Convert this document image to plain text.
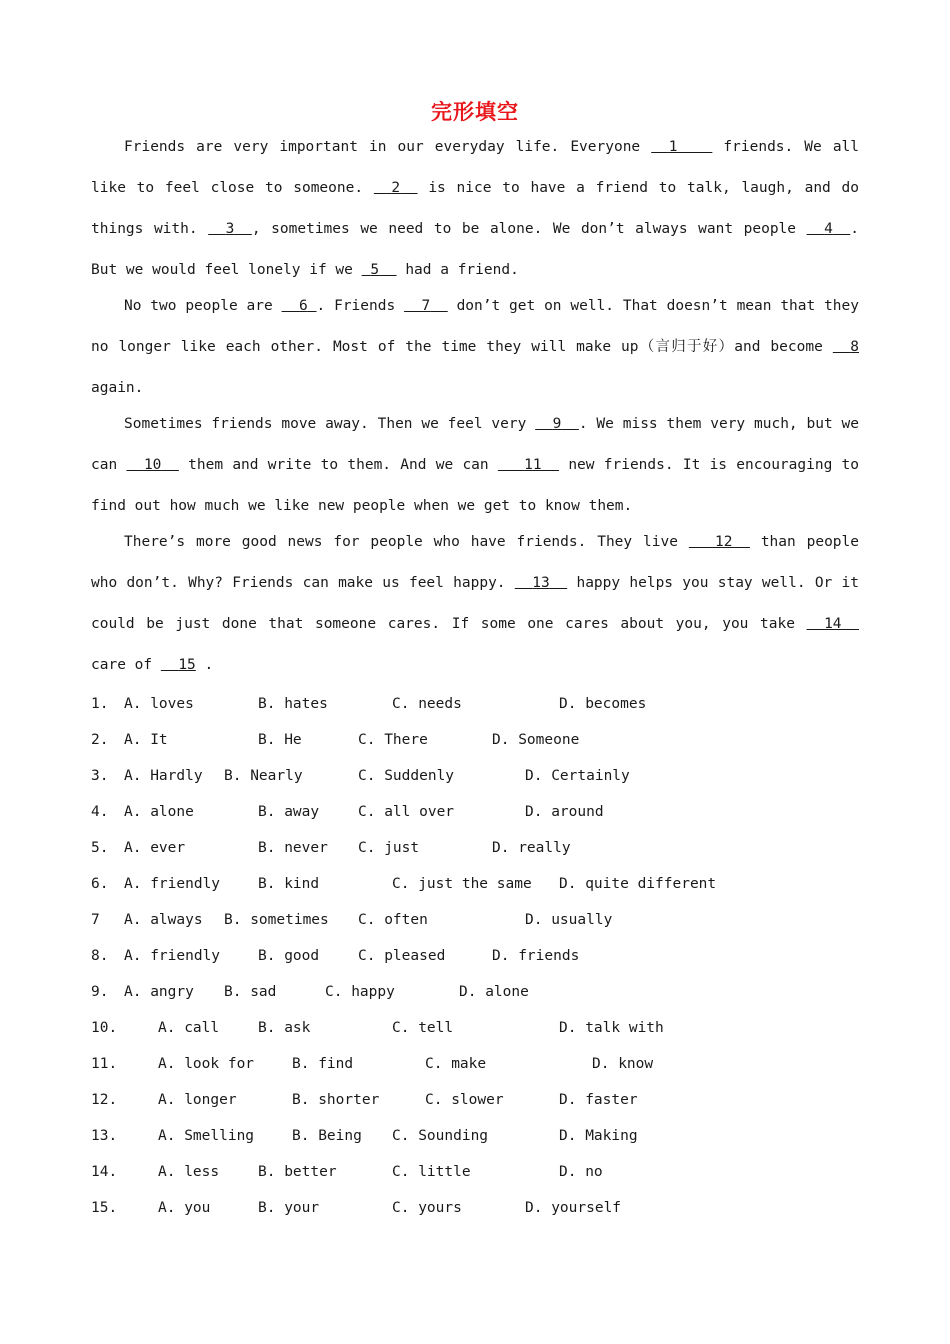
完形填空

Friends are very important in our everyday life. Everyone 1	friends. We all like to feel close to someone. 2 is nice to have a friend to talk, laugh, and do things with. 3 , sometimes we need to be alone. We don’t always want people 4 . But we would feel lonely if we 5 had a friend.

No two people are 6 . Friends 7 don’t get on well. That doesn’t mean that they no longer like each other. Most of the time they will make up（言归于好）and become 8 again.

Sometimes friends move away. Then we feel very 9 . We miss them very much, but we can 10 them and write to them. And we can 11 new friends. It is encouraging to find out how much we like new people when we get to know them.

There’s more good news for people who have friends. They live	12 than people who don’t. Why? Friends can make us feel happy. 13 happy helps you stay well. Or it could be just done that someone cares. If some one cares about you, you take 14   care of 15 .

1. A. loves	B. hates	C. needs	D. becomes
2. A. It	B. He	C. There	D. Someone
3. A. Hardly B. Nearly	C. Suddenly	D. Certainly
4. A. alone	B. away	C. all over	D. around
5. A. ever	B. never C. just	D. really
6. A. friendly	B. kind	C. just the same D. quite different
7 A. always B. sometimes C. often	D. usually
8. A. friendly	B. good	C. pleased	D. friends
9. A. angry B. sad	C. happy	D. alone
10.	A. call	B. ask	C. tell	D. talk with
11.	A. look for	B. find	C. make	D. know
12.	A. longer	B. shorter	C. slower	D. faster
13.	A. Smelling	B. Being C. Sounding	D. Making
14.	A. less	B. better	C. little	D. no
15.	A. you	B. your	C. yours	D. yourself
